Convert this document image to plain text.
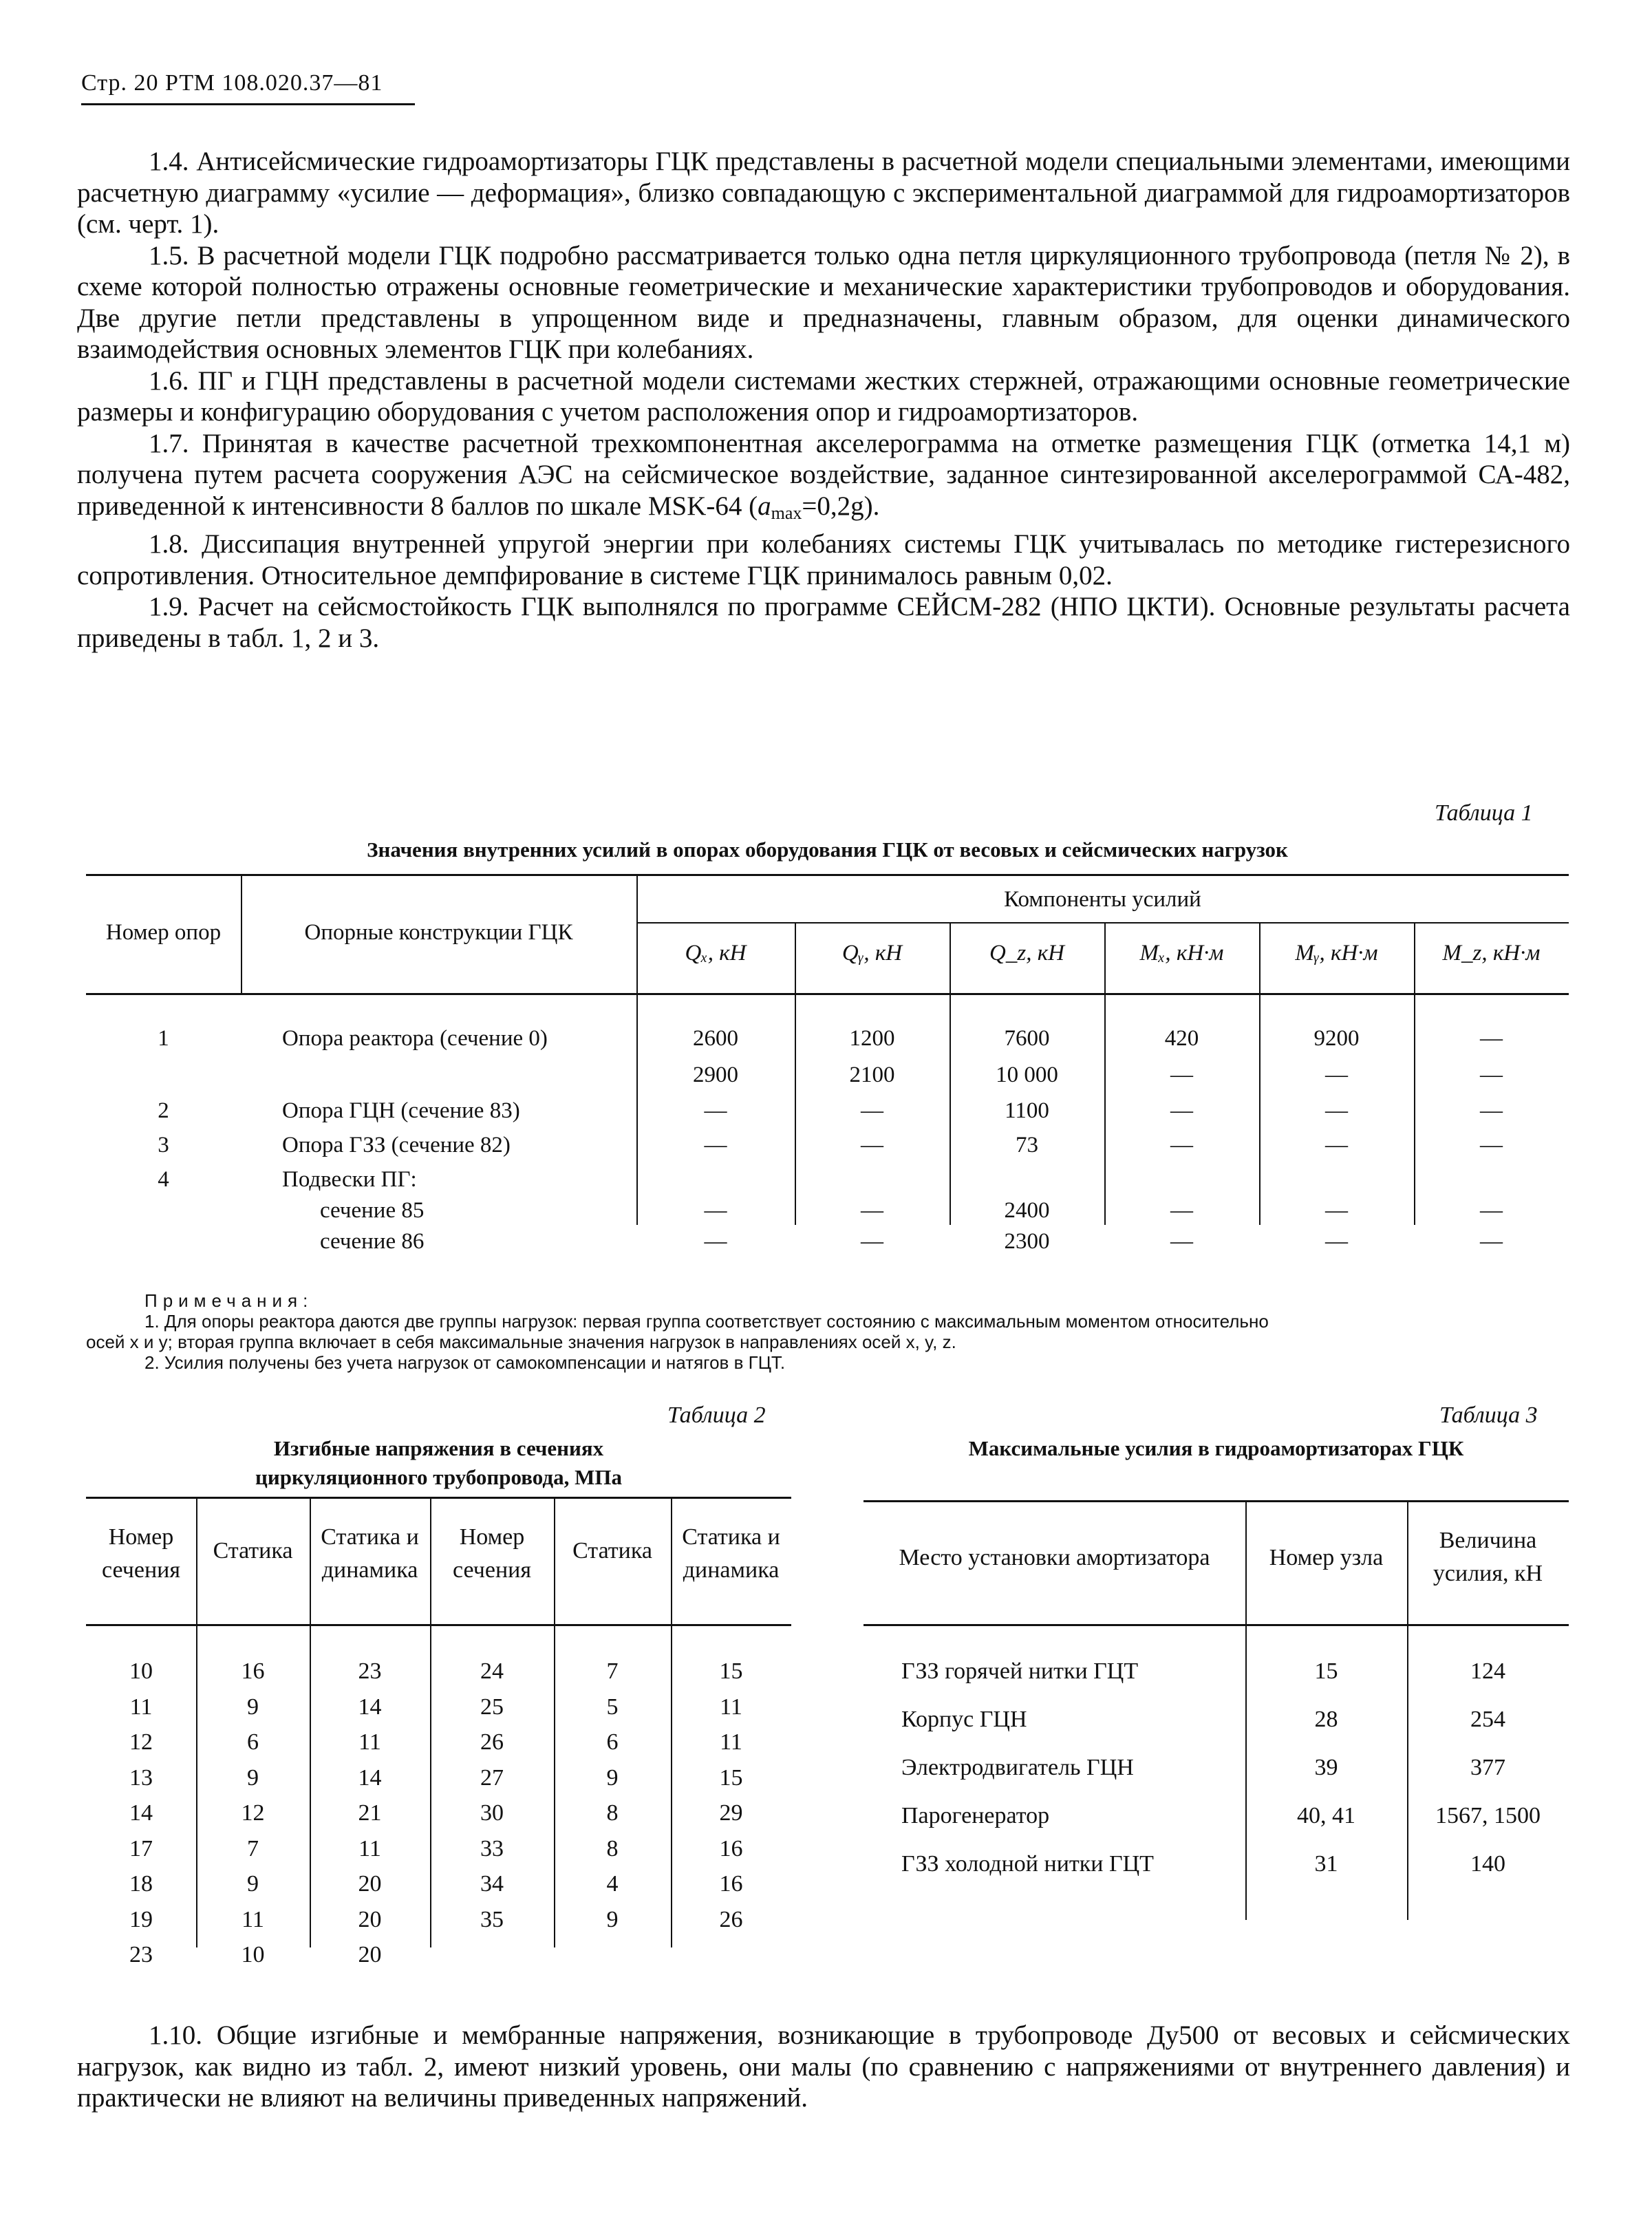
Стр. 20 РТМ 108.020.37—81

1.4. Антисейсмические гидроамортизаторы ГЦК представлены в расчетной модели специальными элементами, имеющими расчетную диаграмму «усилие — деформация», близко совпадающую с экспериментальной диаграммой для гидроамортизаторов (см. черт. 1).

1.5. В расчетной модели ГЦК подробно рассматривается только одна петля циркуляционного трубопровода (петля № 2), в схеме которой полностью отражены основные геометрические и механические характеристики трубопроводов и оборудования. Две другие петли представлены в упрощенном виде и предназначены, главным образом, для оценки динамического взаимодействия основных элементов ГЦК при колебаниях.

1.6. ПГ и ГЦН представлены в расчетной модели системами жестких стержней, отражающими основные геометрические размеры и конфигурацию оборудования с учетом расположения опор и гидроамортизаторов.

1.7. Принятая в качестве расчетной трехкомпонентная акселерограмма на отметке размещения ГЦК (отметка 14,1 м) получена путем расчета сооружения АЭС на сейсмическое воздействие, заданное синтезированной акселерограммой СА-482, приведенной к интенсивности 8 баллов по шкале MSK-64 $(a_{max}=0,2g)$.

1.8. Диссипация внутренней упругой энергии при колебаниях системы ГЦК учитывалась по методике гистерезисного сопротивления. Относительное демпфирование в системе ГЦК принималось равным 0,02.

1.9. Расчет на сейсмостойкость ГЦК выполнялся по программе СЕЙСМ-282 (НПО ЦКТИ). Основные результаты расчета приведены в табл. 1, 2 и 3.

Таблица 1
Значения внутренних усилий в опорах оборудования ГЦК от весовых и сейсмических нагрузок
Номер опор	Опорные конструкции ГЦК
Компоненты усилий
Qₓ, кН	Qᵧ, кН	Q_z, кН	Mₓ, кН·м	Mᵧ, кН·м	M_z, кН·м
1	Опора реактора (сечение 0)	2600	1200	7600	420	9200	—
2900	2100	10 000	—	—	—
2	Опора ГЦН (сечение 83)	—	—	1100	—	—	—
3	Опора ГЗЗ (сечение 82)	—	—	73	—	—	—
4	Подвески ПГ:
сечение 85	—	—	2400	—	—	—
сечение 86	—	—	2300	—	—	—
Примечания:
1. Для опоры реактора даются две группы нагрузок: первая группа соответствует состоянию с максимальным моментом относительно
осей x и y; вторая группа включает в себя максимальные значения нагрузок в направлениях осей x, y, z.
2. Усилия получены без учета нагрузок от самокомпенсации и натягов в ГЦТ.
Таблица 2
Изгибные напряжения в сечениях
циркуляционного трубопровода, МПа
Номер сечения
Статика
Статика и динамика
Номер сечения
Статика
Статика и динамика
10	16	23	24	7	15
11	9	14	25	5	11
12	6	11	26	6	11
13	9	14	27	9	15
14	12	21	30	8	29
17	7	11	33	8	16
18	9	20	34	4	16
19	11	20	35	9	26
23	10	20
Таблица 3
Максимальные усилия в гидроамортизаторах ГЦК
Место установки амортизатора	Номер узла
Величина усилия, кН
ГЗЗ горячей нитки ГЦТ	15	124
Корпус ГЦН	28	254
Электродвигатель ГЦН	39	377
Парогенератор	40, 41	1567, 1500
ГЗЗ холодной нитки ГЦТ	31	140

1.10. Общие изгибные и мембранные напряжения, возникающие в трубопроводе Ду500 от весовых и сейсмических нагрузок, как видно из табл. 2, имеют низкий уровень, они малы (по сравнению с напряжениями от внутреннего давления) и практически не влияют на величины приведенных напряжений.
